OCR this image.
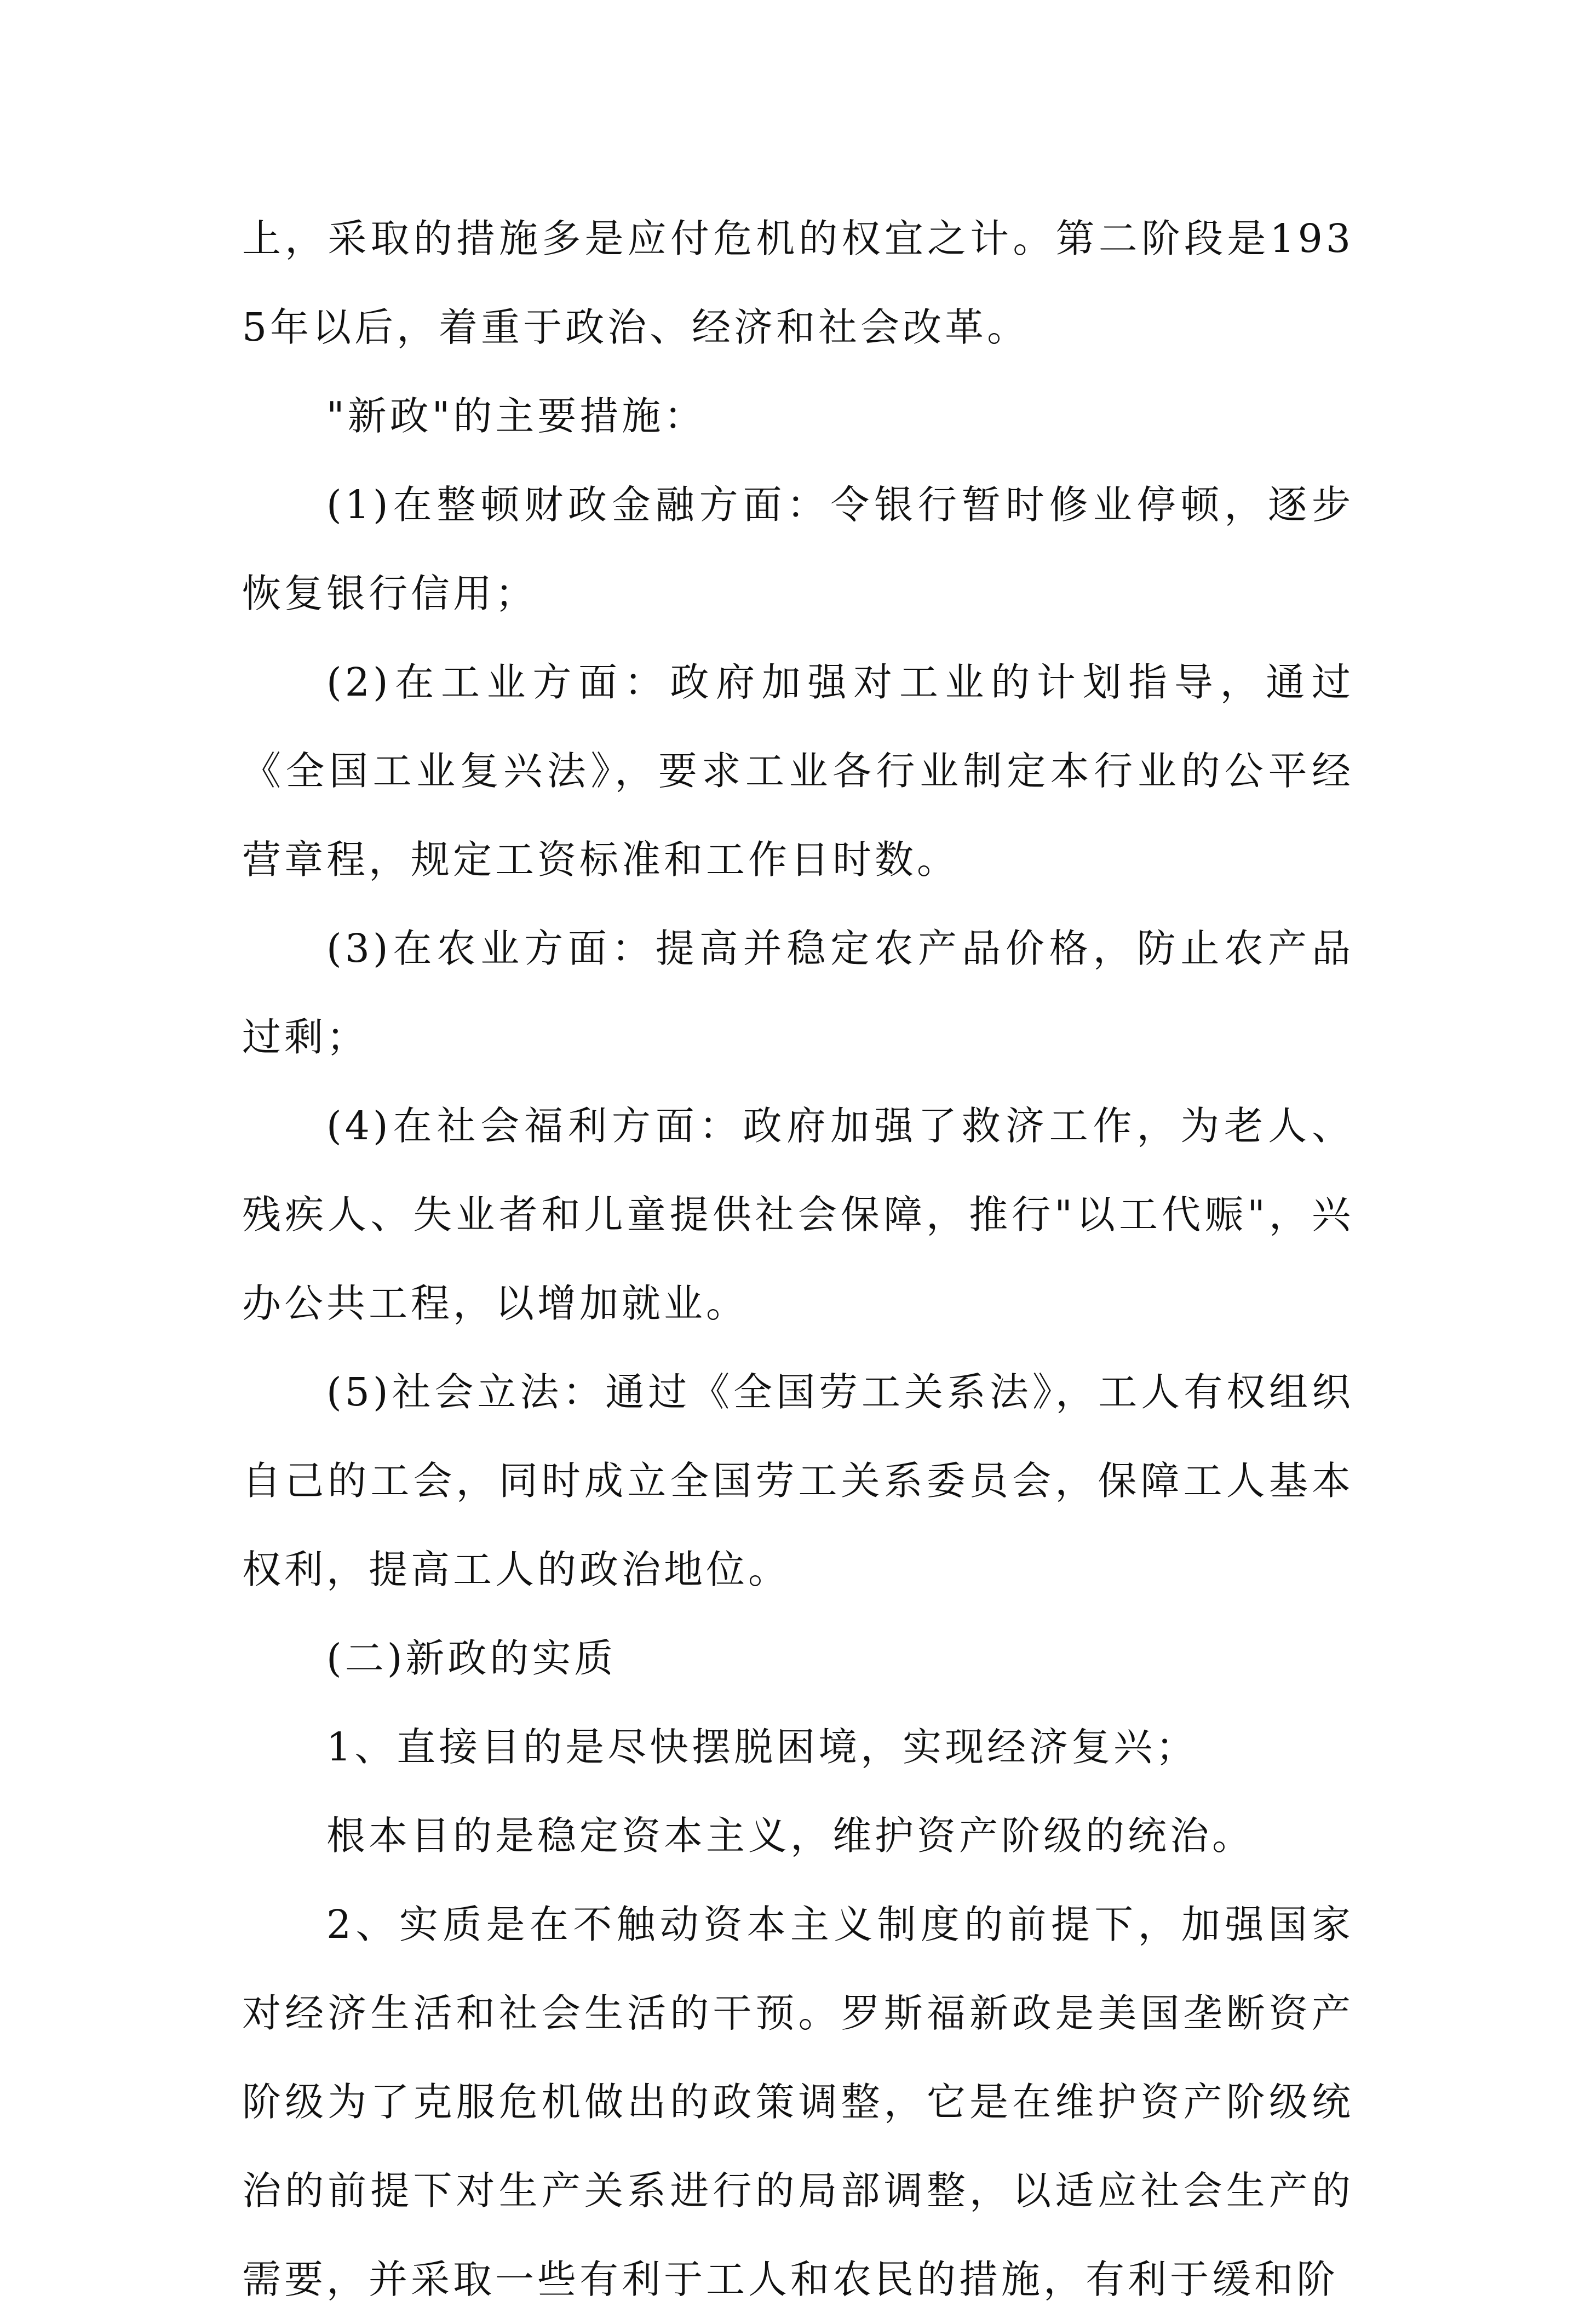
上，采取的措施多是应付危机的权宜之计。第二阶段是1935年以后，着重于政治、经济和社会改革。

"新政"的主要措施：

(1)在整顿财政金融方面：令银行暂时修业停顿，逐步恢复银行信用；

(2)在工业方面：政府加强对工业的计划指导，通过《全国工业复兴法》，要求工业各行业制定本行业的公平经营章程，规定工资标准和工作日时数。

(3)在农业方面：提高并稳定农产品价格，防止农产品过剩；

(4)在社会福利方面：政府加强了救济工作，为老人、残疾人、失业者和儿童提供社会保障，推行"以工代赈"，兴办公共工程，以增加就业。

(5)社会立法：通过《全国劳工关系法》，工人有权组织自己的工会，同时成立全国劳工关系委员会，保障工人基本权利，提高工人的政治地位。

(二)新政的实质

1、直接目的是尽快摆脱困境，实现经济复兴；

根本目的是稳定资本主义，维护资产阶级的统治。

2、实质是在不触动资本主义制度的前提下，加强国家对经济生活和社会生活的干预。罗斯福新政是美国垄断资产阶级为了克服危机做出的政策调整，它是在维护资产阶级统治的前提下对生产关系进行的局部调整，以适应社会生产的需要，并采取一些有利于工人和农民的措施，有利于缓和阶
